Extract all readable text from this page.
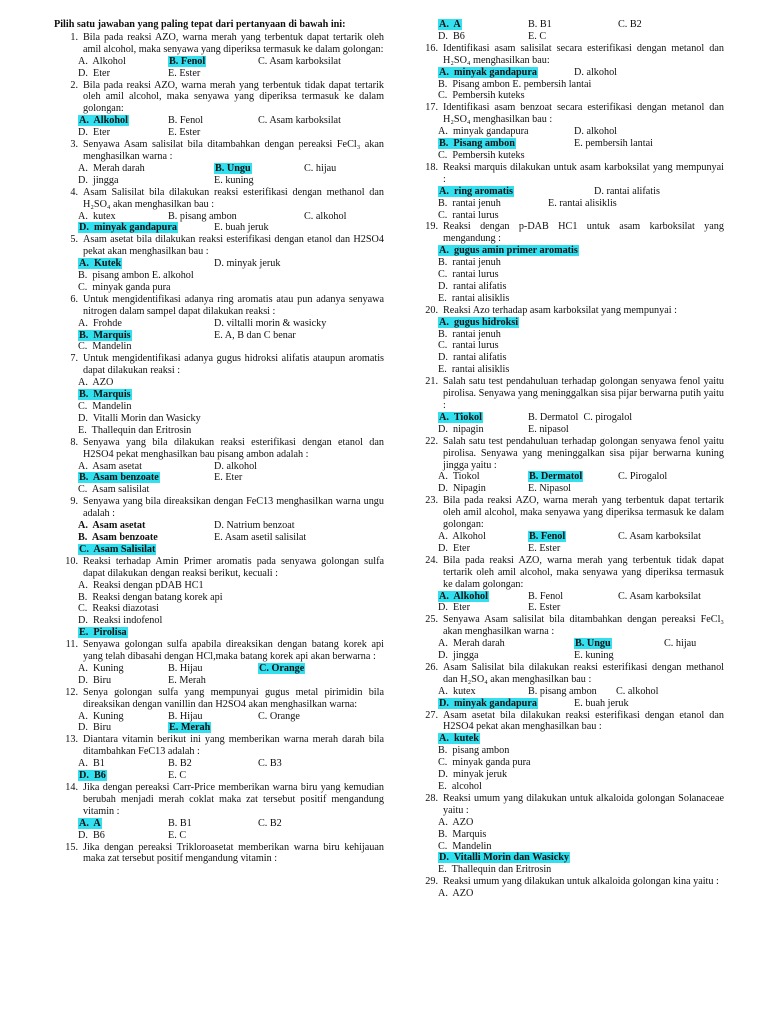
Pilih satu jawaban yang paling tepat dari pertanyaan di bawah ini:
1. Bila pada reaksi AZO, warna merah yang terbentuk dapat tertarik oleh amil alcohol, maka senyawa yang diperiksa termasuk ke dalam golongan:
A.  Alkohol	B. Fenol	C. Asam karboksilat
D.  Eter	E. Ester
2. Bila pada reaksi AZO, warna merah yang terbentuk tidak dapat tertarik oleh amil alcohol, maka senyawa yang diperiksa termasuk ke dalam golongan:
A.  Alkohol	B. Fenol	C. Asam karboksilat
D.  Eter	E. Ester
3. Senyawa Asam salisilat bila ditambahkan dengan pereaksi FeCl₃ akan menghasilkan warna :
A.  Merah darah	B. Ungu	C. hijau
D.  jingga	E. kuning
4. Asam Salisilat bila dilakukan reaksi esterifikasi dengan methanol dan H₂SO₄ akan menghasilkan bau :
A.  kutex	B. pisang ambon	C. alkohol
D.  minyak gandapura	E. buah jeruk
5. Asam asetat bila dilakukan reaksi esterifikasi dengan etanol dan H2SO4 pekat akan menghasilkan bau :
A.  Kutek	D. minyak jeruk
B.  pisang ambon E. alkohol
C.  minyak ganda pura
6. Untuk mengidentifikasi adanya ring aromatis atau pun adanya senyawa nitrogen dalam sampel dapat dilakukan reaksi :
A.  Frohde	D. viltalli morin & wasicky
B.  Marquis	E. A, B dan C benar
C.  Mandelin
7. Untuk mengidentifikasi adanya gugus hidroksi alifatis ataupun aromatis dapat dilakukan reaksi :
A.  AZO
B.  Marquis
C.  Mandelin
D.  Vitalli Morin dan Wasicky
E.  Thallequin dan Eritrosin
8. Senyawa yang bila dilakukan reaksi esterifikasi dengan etanol dan H2SO4 pekat menghasilkan bau pisang ambon adalah :
A.  Asam asetat	D. alkohol
B.  Asam benzoate	E. Eter
C.  Asam salisilat
9. Senyawa yang bila direaksikan dengan FeC13 menghasilkan warna ungu adalah :
A.  Asam asetat	D. Natrium benzoat
B.  Asam benzoate	E. Asam asetil salisilat
C.  Asam Salisilat
10. Reaksi terhadap Amin Primer aromatis pada senyawa golongan sulfa dapat dilakukan dengan reaksi berikut, kecuali :
A.  Reaksi dengan pDAB HC1
B.  Reaksi dengan batang korek api
C.  Reaksi diazotasi
D.  Reaksi indofenol
E.  Pirolisa
11. Senyawa golongan sulfa apabila direaksikan dengan batang korek api yang telah dibasahi dengan HCl,maka batang korek api akan berwarna :
A.  Kuning	B. Hijau	C. Orange
D.  Biru	E. Merah
12. Senya golongan sulfa yang mempunyai gugus metal pirimidin bila direaksikan dengan vanillin dan H2SO4 akan menghasilkan warna:
A.  Kuning	B. Hijau	C. Orange
D.  Biru	E. Merah
13. Diantara vitamin berikut ini yang memberikan warna merah darah bila ditambahkan FeC13 adalah :
A.  B1	B. B2	C. B3
D.  B6	E. C
14. Jika dengan pereaksi Carr-Price memberikan warna biru yang kemudian berubah menjadi merah coklat maka zat tersebut positif mengandung vitamin :
A.  A	B. B1	C. B2
D.  B6	E. C
15. Jika dengan pereaksi Trikloroasetat memberikan warna biru kehijauan maka zat tersebut positif mengandung vitamin :
A.  A	B. B1	C. B2
D.  B6	E. C
16. Identifikasi asam salisilat secara esterifikasi dengan metanol dan H₂SO₄ menghasilkan bau:
A.  minyak gandapura	D. alkohol
B.  Pisang ambon E. pembersih lantai
C.  Pembersih kuteks
17. Identifikasi asam benzoat secara esterifikasi dengan metanol dan H₂SO₄ menghasilkan bau :
A.  minyak gandapura	D. alkohol
B.  Pisang ambon	E. pembersih lantai
C.  Pembersih kuteks
18. Reaksi marquis dilakukan untuk asam karboksilat yang mempunyai :
A.  ring aromatis	D. rantai alifatis
B.  rantai jenuh	E. rantai alisiklis
C.  rantai lurus
19. Reaksi dengan p-DAB HC1 untuk asam karboksilat yang mengandung :
A.  gugus amin primer aromatis
B.  rantai jenuh
C.  rantai lurus
D.  rantai alifatis
E.  rantai alisiklis
20. Reaksi Azo terhadap asam karboksilat yang mempunyai :
A.  gugus hidroksi
B.  rantai jenuh
C.  rantai lurus
D.  rantai alifatis
E.  rantai alisiklis
21. Salah satu test pendahuluan terhadap golongan senyawa fenol yaitu pirolisa. Senyawa yang meninggalkan sisa pijar berwarna putih yaitu :
A.  Tiokol	B. Dermatol  C. pirogalol
D.  nipagin	E. nipasol
22. Salah satu test pendahuluan terhadap golongan senyawa fenol yaitu pirolisa. Senyawa yang meninggalkan sisa pijar berwarna kuning jingga yaitu :
A.  Tiokol	B. Dermatol	C. Pirogalol
D.  Nipagin	E. Nipasol
23. Bila pada reaksi AZO, warna merah yang terbentuk dapat tertarik oleh amil alcohol, maka senyawa yang diperiksa termasuk ke dalam golongan:
A.  Alkohol	B. Fenol	C. Asam karboksilat
D.  Eter	E. Ester
24. Bila pada reaksi AZO, warna merah yang terbentuk tidak dapat tertarik oleh amil alcohol, maka senyawa yang diperiksa termasuk ke dalam golongan:
A.  Alkohol	B. Fenol	C. Asam karboksilat
D.  Eter	E. Ester
25. Senyawa Asam salisilat bila ditambahkan dengan pereaksi FeCl₃ akan menghasilkan warna :
A.  Merah darah	B. Ungu	C. hijau
D.  jingga	E. kuning
26. Asam Salisilat bila dilakukan reaksi esterifikasi dengan methanol dan H₂SO₄ akan menghasilkan bau :
A.  kutex	B. pisang ambon	C. alkohol
D.  minyak gandapura	E. buah jeruk
27. Asam asetat bila dilakukan reaksi esterifikasi dengan etanol dan H2SO4 pekat akan menghasilkan bau :
A.  kutek
B.  pisang ambon
C.  minyak ganda pura
D.  minyak jeruk
E.  alcohol
28. Reaksi umum yang dilakukan untuk alkaloida golongan Solanaceae yaitu :
A.  AZO
B.  Marquis
C.  Mandelin
D.  Vitalli Morin dan Wasicky
E.  Thallequin dan Eritrosin
29. Reaksi umum yang dilakukan untuk alkaloida golongan kina yaitu :
A.  AZO
